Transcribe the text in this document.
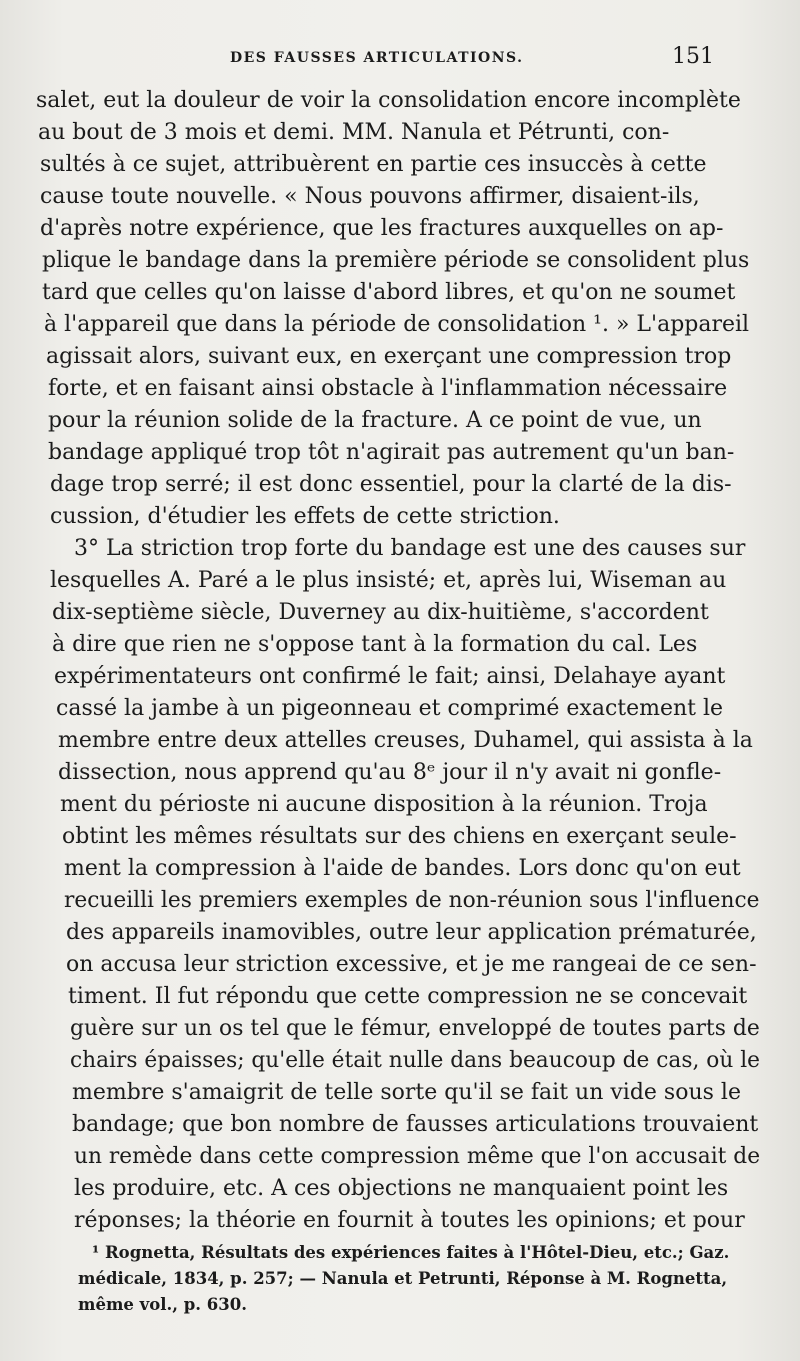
DES FAUSSES ARTICULATIONS.	151
salet, eut la douleur de voir la consolidation encore incomplète
au bout de 3 mois et demi. MM. Nanula et Pétrunti, con-
sultés à ce sujet, attribuèrent en partie ces insuccès à cette
cause toute nouvelle. « Nous pouvons affirmer, disaient-ils,
d'après notre expérience, que les fractures auxquelles on ap-
plique le bandage dans la première période se consolident plus
tard que celles qu'on laisse d'abord libres, et qu'on ne soumet
à l'appareil que dans la période de consolidation ¹. » L'appareil
agissait alors, suivant eux, en exerçant une compression trop
forte, et en faisant ainsi obstacle à l'inflammation nécessaire
pour la réunion solide de la fracture. A ce point de vue, un
bandage appliqué trop tôt n'agirait pas autrement qu'un ban-
dage trop serré; il est donc essentiel, pour la clarté de la dis-
cussion, d'étudier les effets de cette striction.
3° La striction trop forte du bandage est une des causes sur
lesquelles A. Paré a le plus insisté; et, après lui, Wiseman au
dix-septième siècle, Duverney au dix-huitième, s'accordent
à dire que rien ne s'oppose tant à la formation du cal. Les
expérimentateurs ont confirmé le fait; ainsi, Delahaye ayant
cassé la jambe à un pigeonneau et comprimé exactement le
membre entre deux attelles creuses, Duhamel, qui assista à la
dissection, nous apprend qu'au 8ᵉ jour il n'y avait ni gonfle-
ment du périoste ni aucune disposition à la réunion. Troja
obtint les mêmes résultats sur des chiens en exerçant seule-
ment la compression à l'aide de bandes. Lors donc qu'on eut
recueilli les premiers exemples de non-réunion sous l'influence
des appareils inamovibles, outre leur application prématurée,
on accusa leur striction excessive, et je me rangeai de ce sen-
timent. Il fut répondu que cette compression ne se concevait
guère sur un os tel que le fémur, enveloppé de toutes parts de
chairs épaisses; qu'elle était nulle dans beaucoup de cas, où le
membre s'amaigrit de telle sorte qu'il se fait un vide sous le
bandage; que bon nombre de fausses articulations trouvaient
un remède dans cette compression même que l'on accusait de
les produire, etc. A ces objections ne manquaient point les
réponses; la théorie en fournit à toutes les opinions; et pour
¹ Rognetta, Résultats des expériences faites à l'Hôtel-Dieu, etc.; Gaz.
médicale, 1834, p. 257; — Nanula et Petrunti, Réponse à M. Rognetta,
même vol., p. 630.
